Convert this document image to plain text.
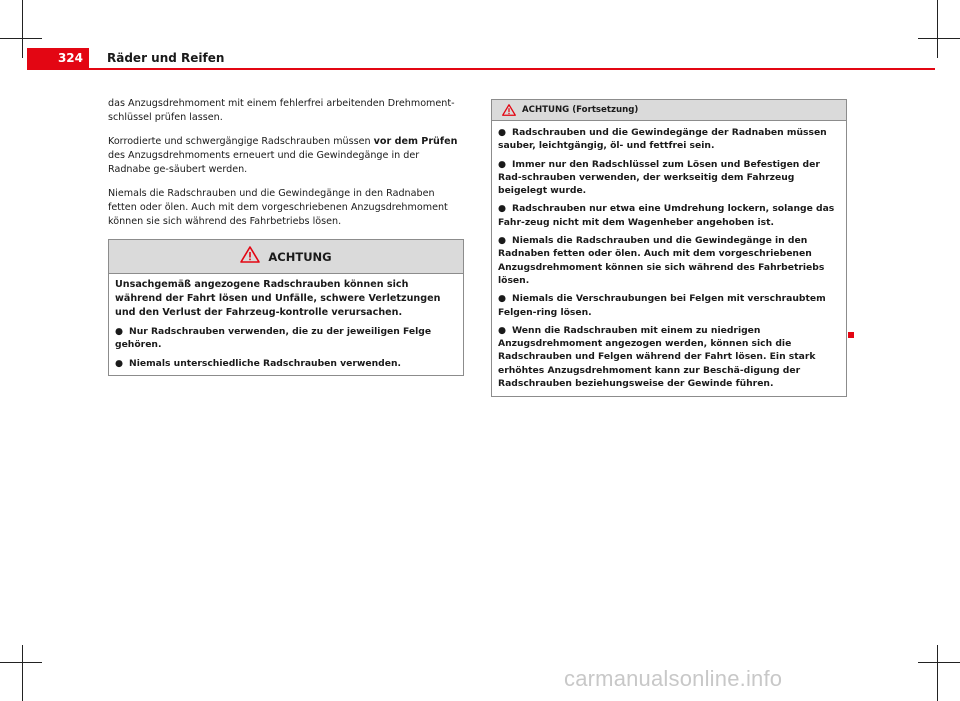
324	Räder und Reifen

das Anzugsdrehmoment mit einem fehlerfrei arbeitenden Drehmoment-schlüssel prüfen lassen.

Korrodierte und schwergängige Radschrauben müssen vor dem Prüfen des Anzugsdrehmoments erneuert und die Gewindegänge in der Radnabe ge-säubert werden.

Niemals die Radschrauben und die Gewindegänge in den Radnaben fetten oder ölen. Auch mit dem vorgeschriebenen Anzugsdrehmoment können sie sich während des Fahrbetriebs lösen.

ACHTUNG

Unsachgemäß angezogene Radschrauben können sich während der Fahrt lösen und Unfälle, schwere Verletzungen und den Verlust der Fahrzeug-kontrolle verursachen.

● Nur Radschrauben verwenden, die zu der jeweiligen Felge gehören.
● Niemals unterschiedliche Radschrauben verwenden.
ACHTUNG (Fortsetzung)
● Radschrauben und die Gewindegänge der Radnaben müssen sauber, leichtgängig, öl- und fettfrei sein.
● Immer nur den Radschlüssel zum Lösen und Befestigen der Rad-schrauben verwenden, der werkseitig dem Fahrzeug beigelegt wurde.
● Radschrauben nur etwa eine Umdrehung lockern, solange das Fahr-zeug nicht mit dem Wagenheber angehoben ist.
● Niemals die Radschrauben und die Gewindegänge in den Radnaben fetten oder ölen. Auch mit dem vorgeschriebenen Anzugsdrehmoment können sie sich während des Fahrbetriebs lösen.
● Niemals die Verschraubungen bei Felgen mit verschraubtem Felgen-ring lösen.
● Wenn die Radschrauben mit einem zu niedrigen Anzugsdrehmoment angezogen werden, können sich die Radschrauben und Felgen während der Fahrt lösen. Ein stark erhöhtes Anzugsdrehmoment kann zur Beschä-digung der Radschrauben beziehungsweise der Gewinde führen.
carmanualsonline.info
